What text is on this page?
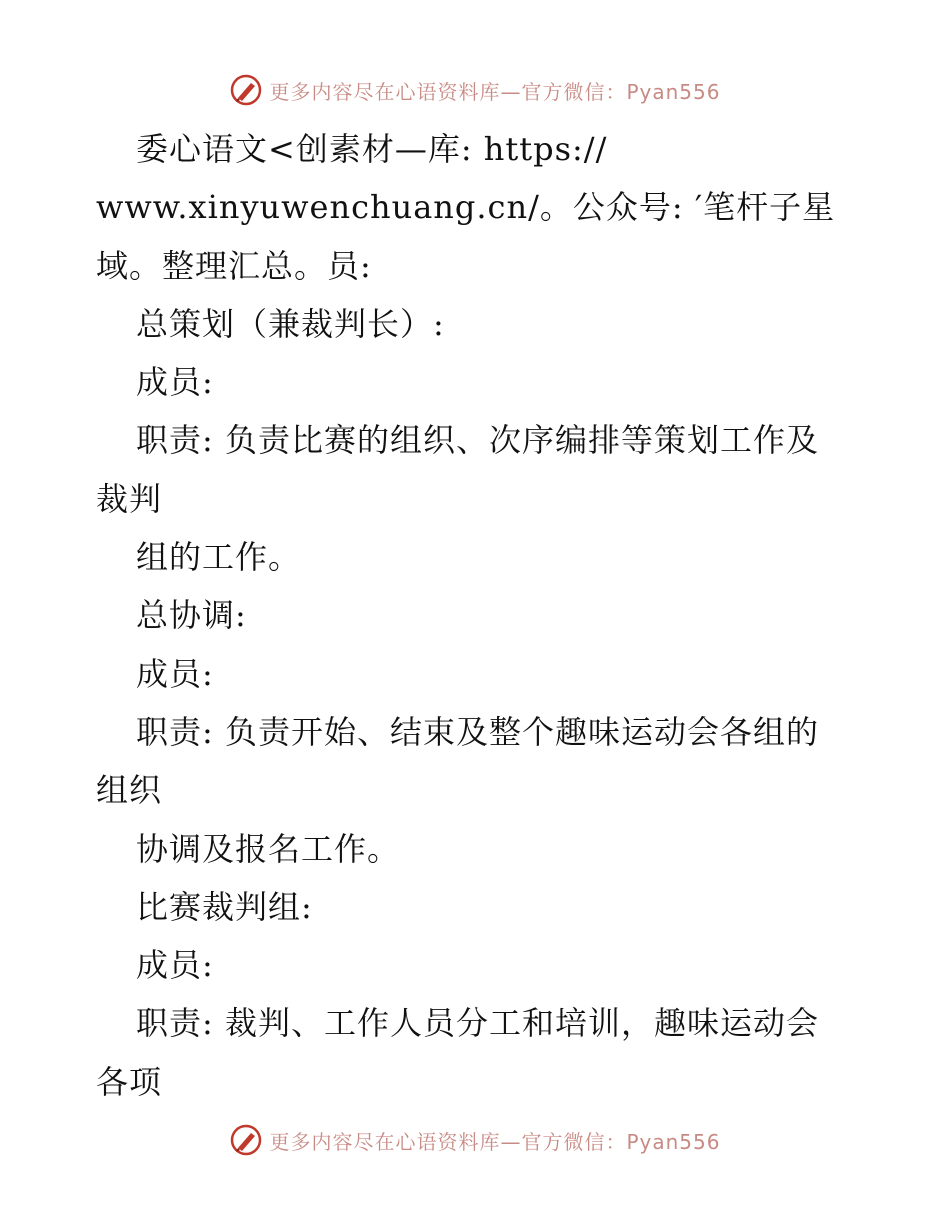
更多内容尽在心语资料库—官方微信：Pyan556
委心语文<创素材—库: https://
www.xinyuwenchuang.cn/。公众号: ′笔杆子星
域。整理汇总。员:
总策划（兼裁判长）:
成员:
职责: 负责比赛的组织、次序编排等策划工作及
裁判
组的工作。
总协调:
成员:
职责: 负责开始、结束及整个趣味运动会各组的
组织
协调及报名工作。
比赛裁判组:
成员:
职责: 裁判、工作人员分工和培训，趣味运动会
各项
更多内容尽在心语资料库—官方微信：Pyan556
